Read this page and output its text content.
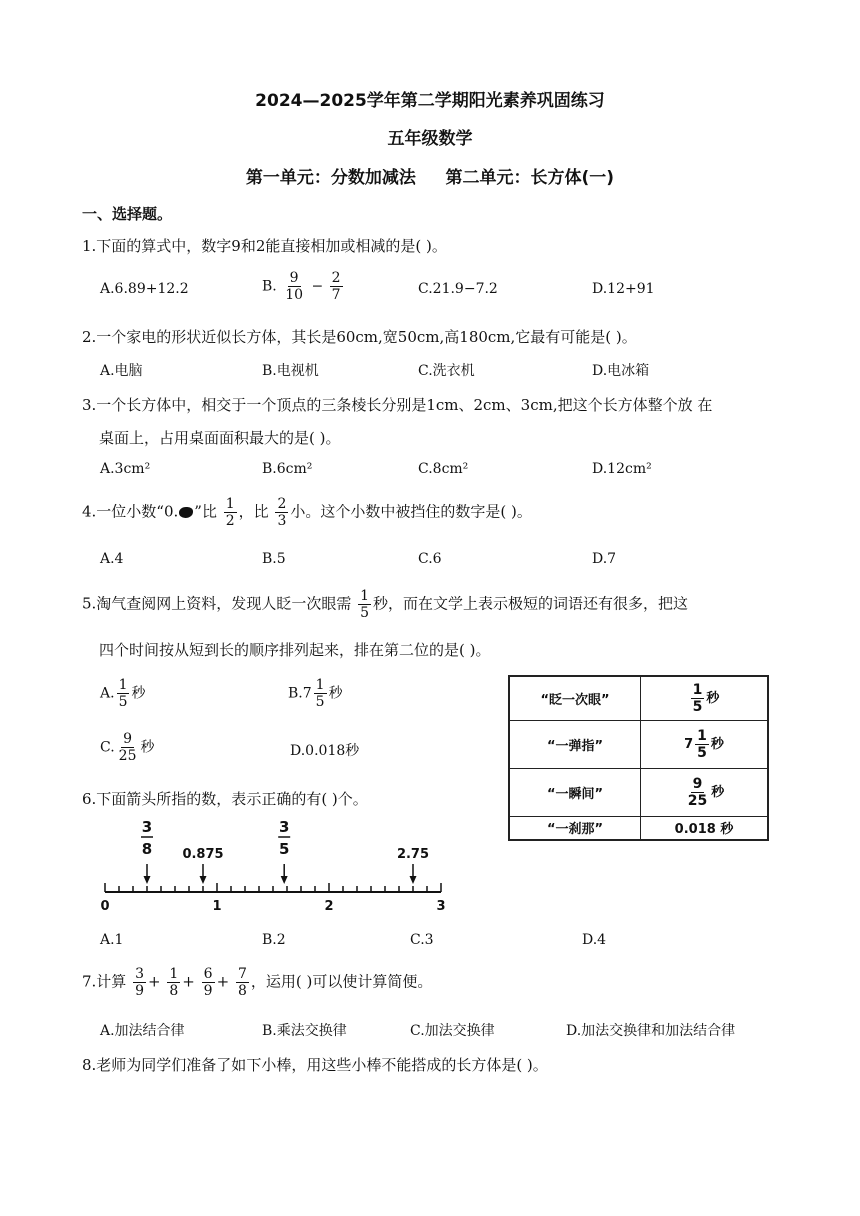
2024—2025学年第二学期阳光素养巩固练习
五年级数学
第一单元：分数加减法     第二单元：长方体(一)
一、选择题。
1.下面的算式中，数字9和2能直接相加或相减的是( )。
A.6.89+12.2	B. $\frac{9}{10} - \frac{2}{7}$	C.21.9−7.2	D.12+91
2.一个家电的形状近似长方体，其长是60cm,宽50cm,高180cm,它最有可能是( )。
A.电脑	B.电视机	C.洗衣机	D.电冰箱
3.一个长方体中，相交于一个顶点的三条棱长分别是1cm、2cm、3cm,把这个长方体整个放 在
桌面上，占用桌面面积最大的是( )。
A.3cm²	B.6cm²	C.8cm²	D.12cm²
4.一位小数“0. ”比 $\frac{1}{2}$ ，比 $\frac{2}{3}$ 小。这个小数中被挡住的数字是( )。
A.4	B.5	C.6	D.7
5.淘气查阅网上资料，发现人眨一次眼需 $\frac{1}{5}$ 秒，而在文学上表示极短的词语还有很多，把这
四个时间按从短到长的顺序排列起来，排在第二位的是( )。
A. $\frac{1}{5}$ 秒	$B.7 \frac{1}{5}$ 秒
C. $\frac{9}{25}$ 秒	D.0.018秒
“眨一次眼”	$\frac{1}{5}$ 秒
“一弹指”	$7 \frac{1}{5}$ 秒
“一瞬间”	$\frac{9}{25}$ 秒
“一刹那”	0.018 秒
6.下面箭头所指的数，表示正确的有( )个。
0	1	2	3
3
8 0.875
3
5	2.75
A.1	B.2	C.3	D.4
7.计算 $\frac{3}{9} + \frac{1}{8} + \frac{6}{9} + \frac{7}{8}$ ，运用( )可以使计算简便。
A.加法结合律	B.乘法交换律	C.加法交换律	D.加法交换律和加法结合律
8.老师为同学们准备了如下小棒，用这些小棒不能搭成的长方体是( )。
